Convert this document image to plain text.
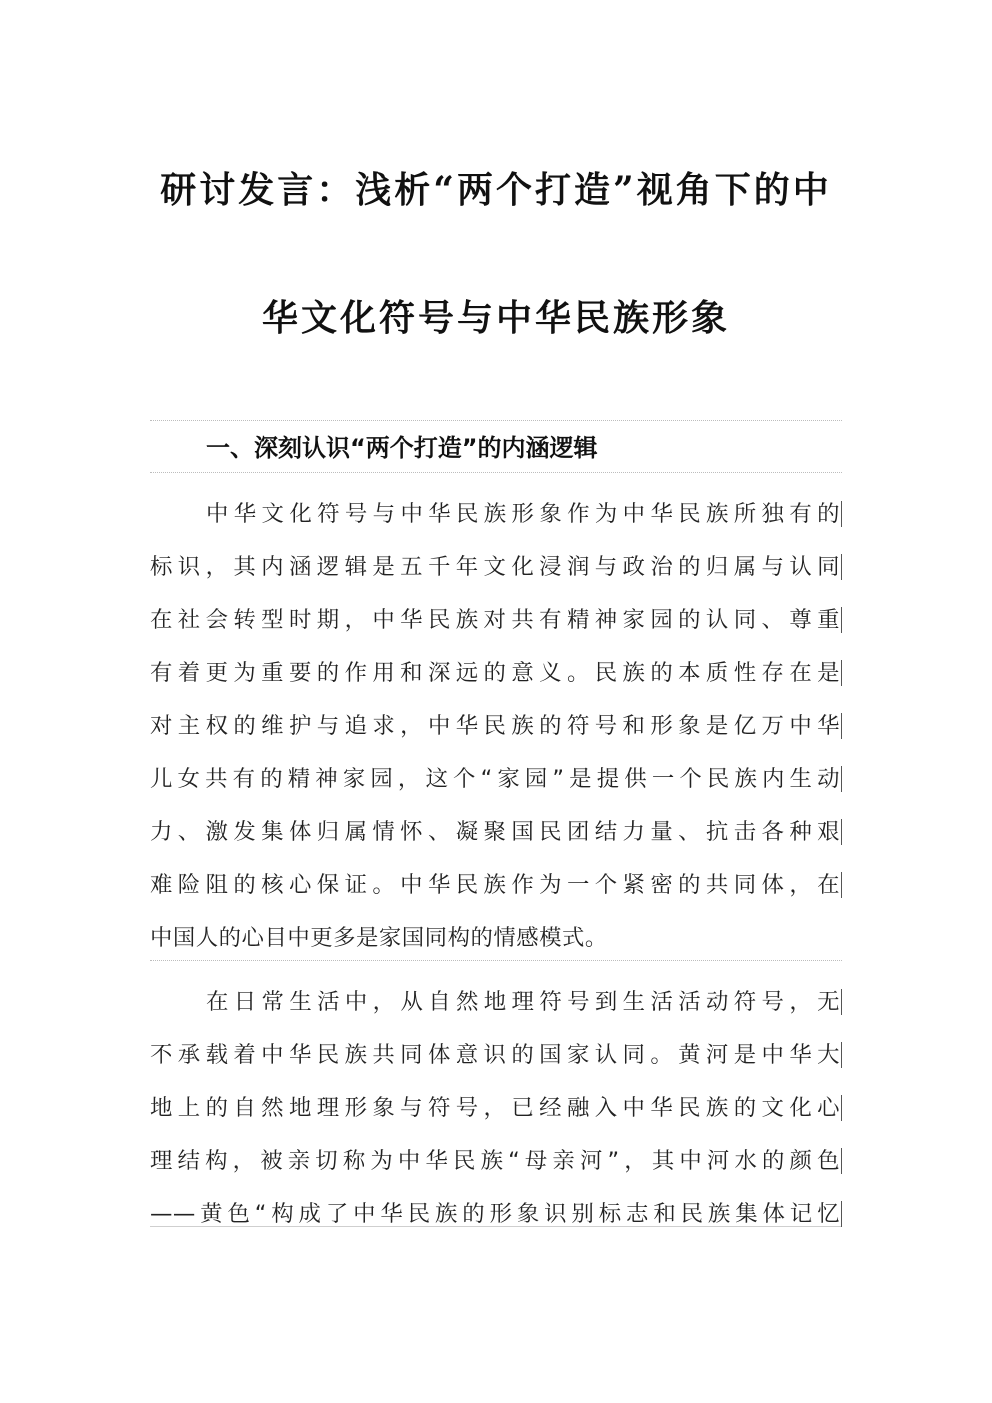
研讨发言：浅析“两个打造”视角下的中
华文化符号与中华民族形象
一、深刻认识“两个打造”的内涵逻辑
中华文化符号与中华民族形象作为中华民族所独有的
标识，其内涵逻辑是五千年文化浸润与政治的归属与认同
在社会转型时期，中华民族对共有精神家园的认同、尊重
有着更为重要的作用和深远的意义。民族的本质性存在是
对主权的维护与追求，中华民族的符号和形象是亿万中华
儿女共有的精神家园，这个“家园”是提供一个民族内生动
力、激发集体归属情怀、凝聚国民团结力量、抗击各种艰
难险阻的核心保证。中华民族作为一个紧密的共同体，在
中国人的心目中更多是家国同构的情感模式。
在日常生活中，从自然地理符号到生活活动符号，无
不承载着中华民族共同体意识的国家认同。黄河是中华大
地上的自然地理形象与符号，已经融入中华民族的文化心
理结构，被亲切称为中华民族“母亲河”，其中河水的颜色
——黄色“构成了中华民族的形象识别标志和民族集体记忆
